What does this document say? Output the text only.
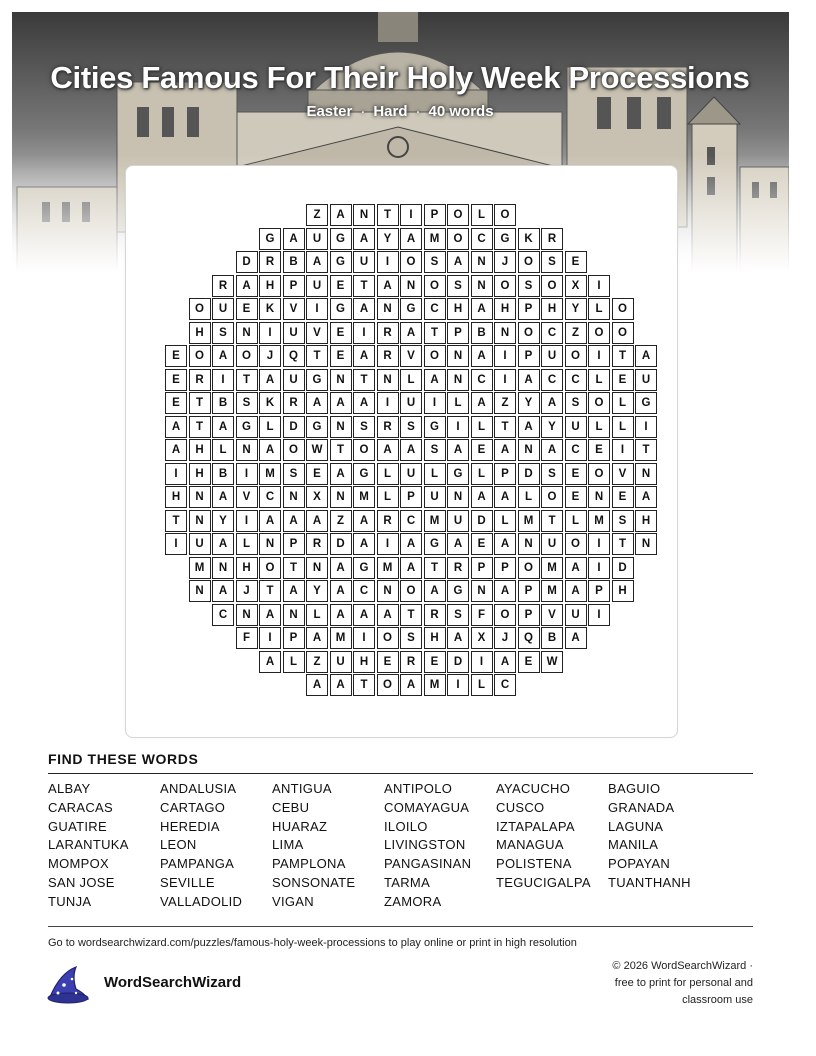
Cities Famous For Their Holy Week Processions
Easter · Hard · 40 words
Z	A	N	T	I	P	O	L	O
G	A	U	G	A	Y	A	M	O	C	G	K	R
D	R	B	A	G	U	I	O	S	A	N	J	O	S	E
R	A	H	P	U	E	T	A	N	O	S	N	O	S	O	X	I
O	U	E	K	V	I	G	A	N	G	C	H	A	H	P	H	Y	L	O
H	S	N	I	U	V	E	I	R	A	T	P	B	N	O	C	Z	O	O
E	O	A	O	J	Q	T	E	A	R	V	O	N	A	I	P	U	O	I	T	A
E	R	I	T	A	U	G	N	T	N	L	A	N	C	I	A	C	C	L	E	U
E	T	B	S	K	R	A	A	A	I	U	I	L	A	Z	Y	A	S	O	L	G
A	T	A	G	L	D	G	N	S	R	S	G	I	L	T	A	Y	U	L	L	I
A	H	L	N	A	O	W	T	O	A	A	S	A	E	A	N	A	C	E	I	T
I	H	B	I	M	S	E	A	G	L	U	L	G	L	P	D	S	E	O	V	N
H	N	A	V	C	N	X	N	M	L	P	U	N	A	A	L	O	E	N	E	A
T	N	Y	I	A	A	A	Z	A	R	C	M	U	D	L	M	T	L	M	S	H
I	U	A	L	N	P	R	D	A	I	A	G	A	E	A	N	U	O	I	T	N
M	N	H	O	T	N	A	G	M	A	T	R	P	P	O	M	A	I	D
N	A	J	T	A	Y	A	C	N	O	A	G	N	A	P	M	A	P	H
C	N	A	N	L	A	A	A	T	R	S	F	O	P	V	U	I
F	I	P	A	M	I	O	S	H	A	X	J	Q	B	A
A	L	Z	U	H	E	R	E	D	I	A	E	W
A	A	T	O	A	M	I	L	C
FIND THESE WORDS
ALBAY	ANDALUSIA	ANTIGUA	ANTIPOLO	AYACUCHO	BAGUIO
CARACAS	CARTAGO	CEBU	COMAYAGUA CUSCO	GRANADA
GUATIRE	HEREDIA	HUARAZ	ILOILO	IZTAPALAPA	LAGUNA
LARANTUKA LEON	LIMA	LIVINGSTON MANAGUA	MANILA
MOMPOX	PAMPANGA	PAMPLONA	PANGASINAN POLISTENA	POPAYAN
SAN JOSE	SEVILLE	SONSONATE TARMA	TEGUCIGALPA TUANTHANH
TUNJA	VALLADOLID VIGAN	ZAMORA
Go to wordsearchwizard.com/puzzles/famous-holy-week-processions to play online or print in high resolution
WordSearchWizard
© 2026 WordSearchWizard ·
free to print for personal and
classroom use
